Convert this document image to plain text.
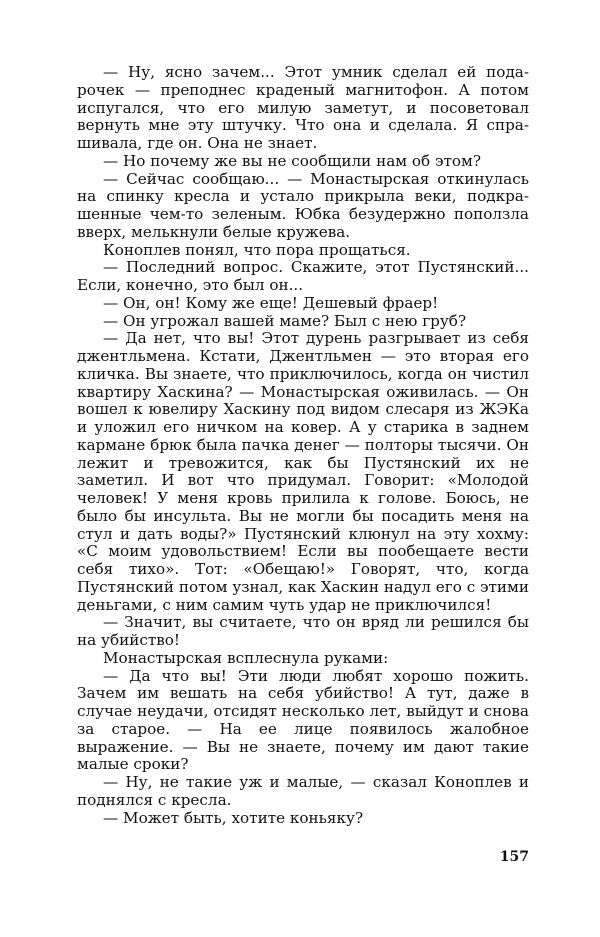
— Ну, ясно зачем... Этот умник сделал ей подарочек — преподнес краденый магнитофон. А потом испугался, что его милую заметут, и посоветовал вернуть мне эту штучку. Что она и сделала. Я спрашивала, где он. Она не знает.

— Но почему же вы не сообщили нам об этом?

— Сейчас сообщаю... — Монастырская откинулась на спинку кресла и устало прикрыла веки, подкрашенные чем-то зеленым. Юбка безудержно поползла вверх, мелькнули белые кружева.

Коноплев понял, что пора прощаться.

— Последний вопрос. Скажите, этот Пустянский... Если, конечно, это был он...

— Он, он! Кому же еще! Дешевый фраер!

— Он угрожал вашей маме? Был с нею груб?

— Да нет, что вы! Этот дурень разгрывает из себя джентльмена. Кстати, Джентльмен — это вторая его кличка. Вы знаете, что приключилось, когда он чистил квартиру Хаскина? — Монастырская оживилась. — Он вошел к ювелиру Хаскину под видом слесаря из ЖЭКа и уложил его ничком на ковер. А у старика в заднем кармане брюк была пачка денег — полторы тысячи. Он лежит и тревожится, как бы Пустянский их не заметил. И вот что придумал. Говорит: «Молодой человек! У меня кровь прилила к голове. Боюсь, не было бы инсульта. Вы не могли бы посадить меня на стул и дать воды?» Пустянский клюнул на эту хохму: «С моим удовольствием! Если вы пообещаете вести себя тихо». Тот: «Обещаю!» Говорят, что, когда Пустянский потом узнал, как Хаскин надул его с этими деньгами, с ним самим чуть удар не приключился!

— Значит, вы считаете, что он вряд ли решился бы на убийство!

Монастырская всплеснула руками:

— Да что вы! Эти люди любят хорошо пожить. Зачем им вешать на себя убийство! А тут, даже в случае неудачи, отсидят несколько лет, выйдут и снова за старое. — На ее лице появилось жалобное выражение. — Вы не знаете, почему им дают такие малые сроки?

— Ну, не такие уж и малые, — сказал Коноплев и поднялся с кресла.

— Может быть, хотите коньяку?

157
